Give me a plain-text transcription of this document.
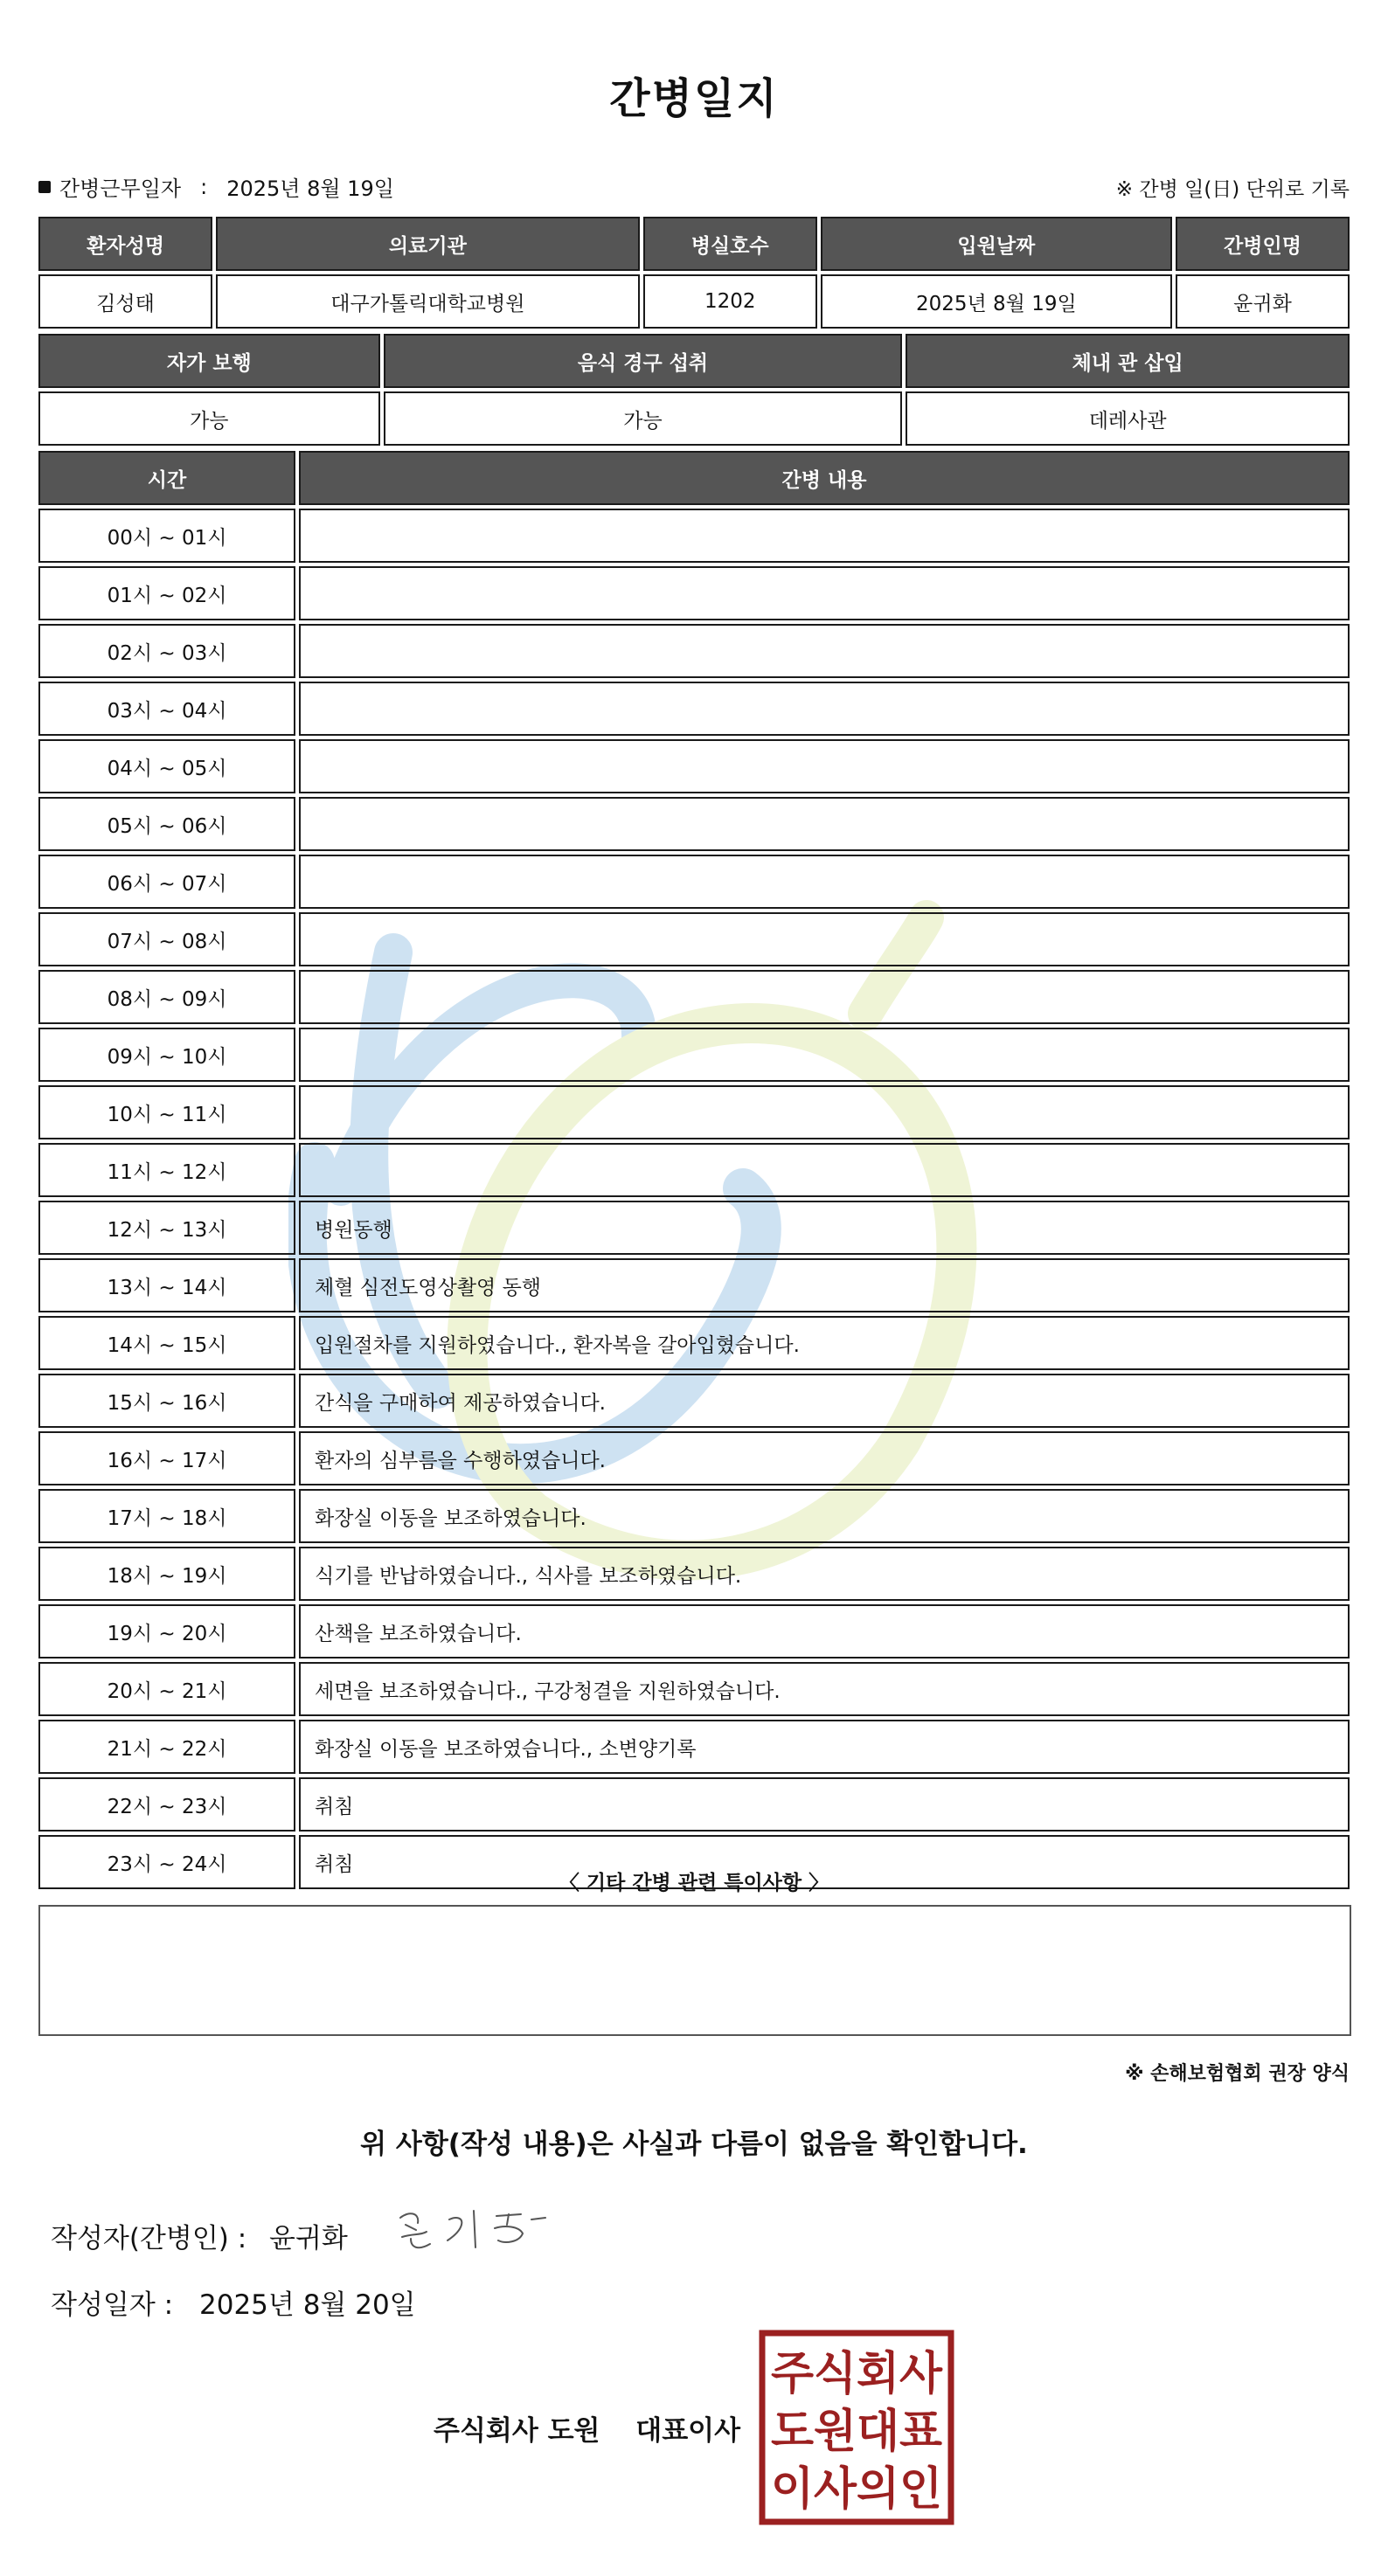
간병일지
간병근무일자 : 2025년 8월 19일	※ 간병 일(日) 단위로 기록
환자성명	의료기관	병실호수	입원날짜	간병인명
김성태	대구가톨릭대학교병원	1202	2025년 8월 19일	윤귀화
자가 보행	음식 경구 섭취	체내 관 삽입
가능	가능	데레사관
시간	간병 내용
00시 ~ 01시	
01시 ~ 02시	
02시 ~ 03시	
03시 ~ 04시	
04시 ~ 05시	
05시 ~ 06시	
06시 ~ 07시	
07시 ~ 08시	
08시 ~ 09시	
09시 ~ 10시	
10시 ~ 11시	
11시 ~ 12시	
12시 ~ 13시	병원동행
13시 ~ 14시	체혈 심전도영상촬영 동행
14시 ~ 15시	입원절차를 지원하였습니다., 환자복을 갈아입혔습니다.
15시 ~ 16시	간식을 구매하여 제공하였습니다.
16시 ~ 17시	환자의 심부름을 수행하였습니다.
17시 ~ 18시	화장실 이동을 보조하였습니다.
18시 ~ 19시	식기를 반납하였습니다., 식사를 보조하였습니다.
19시 ~ 20시	산책을 보조하였습니다.
20시 ~ 21시	세면을 보조하였습니다., 구강청결을 지원하였습니다.
21시 ~ 22시	화장실 이동을 보조하였습니다., 소변양기록
22시 ~ 23시	취침
23시 ~ 24시	취침
〈 기타 간병 관련 특이사항 〉
※ 손해보험협회 권장 양식
위 사항(작성 내용)은 사실과 다름이 없음을 확인합니다.
작성자(간병인) : 윤귀화
작성일자 : 2025년 8월 20일
주식회사 도원 대표이사
주식회사
도원대표
이사의인
